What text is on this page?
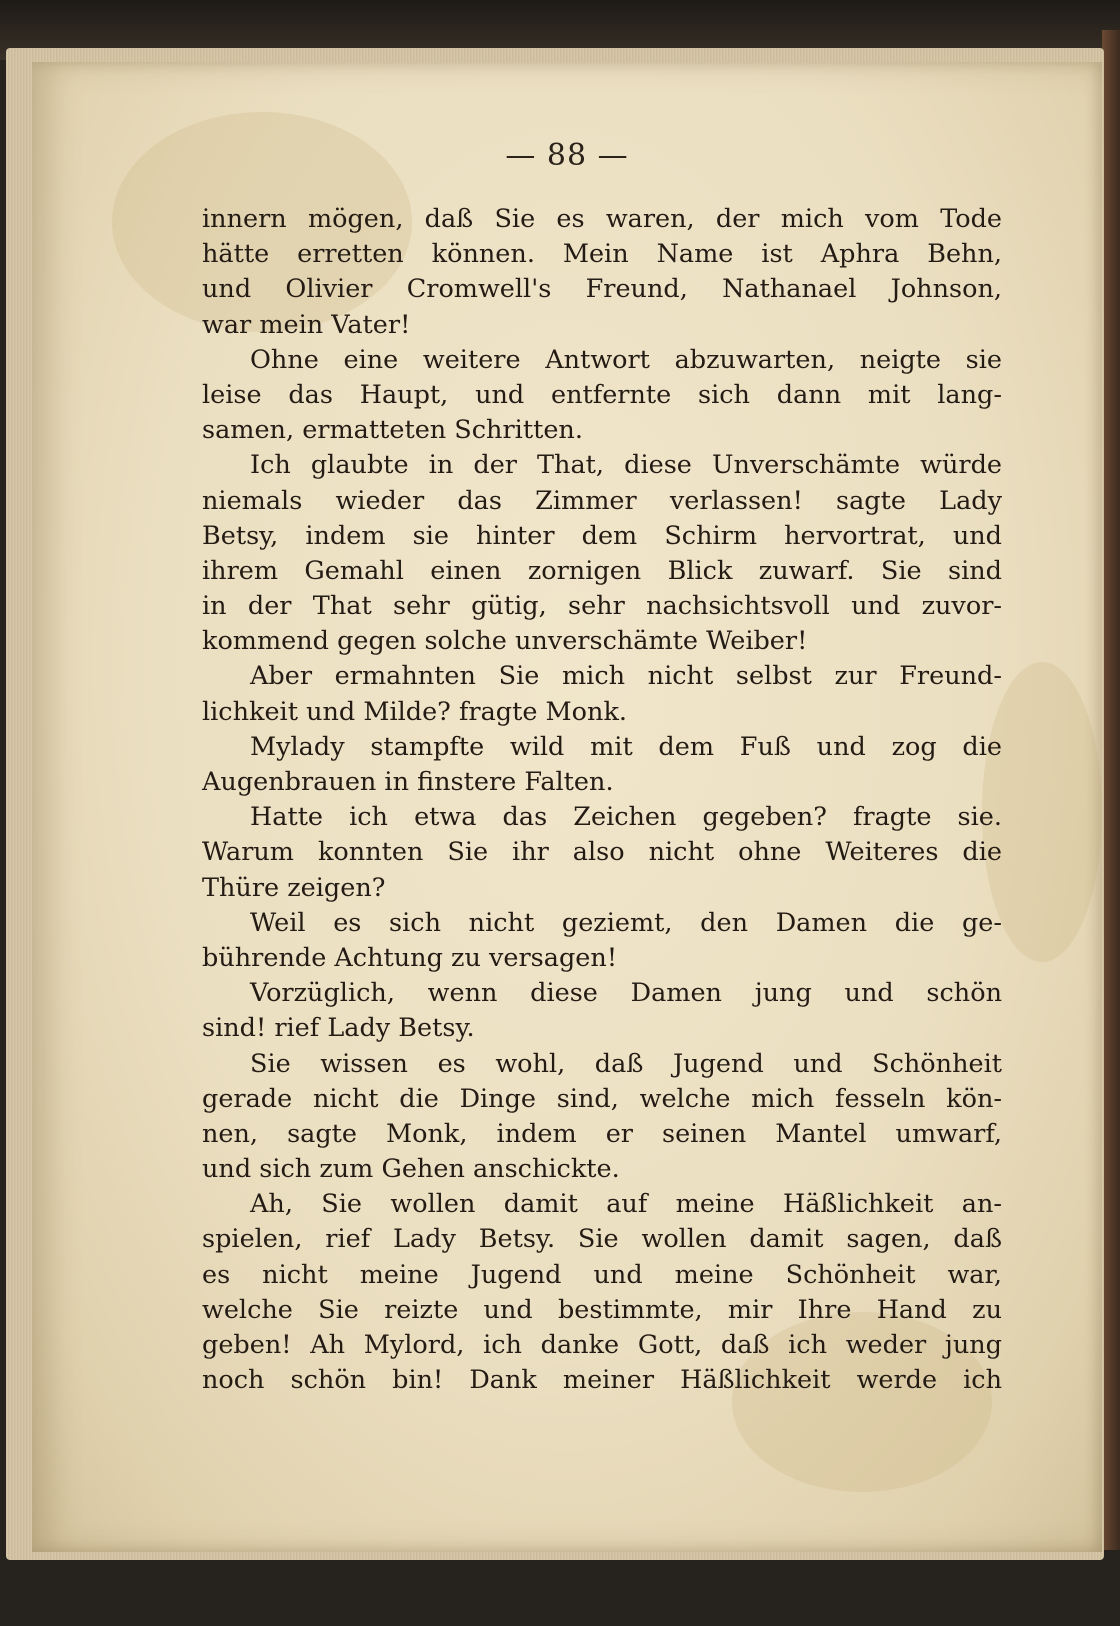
— 88 —
innern mögen, daß Sie es waren, der mich vom Tode
hätte erretten können. Mein Name ist Aphra Behn,
und Olivier Cromwell's Freund, Nathanael Johnson,
war mein Vater!
Ohne eine weitere Antwort abzuwarten, neigte sie
leise das Haupt, und entfernte sich dann mit lang-
samen, ermatteten Schritten.
Ich glaubte in der That, diese Unverschämte würde
niemals wieder das Zimmer verlassen! sagte Lady
Betsy, indem sie hinter dem Schirm hervortrat, und
ihrem Gemahl einen zornigen Blick zuwarf. Sie sind
in der That sehr gütig, sehr nachsichtsvoll und zuvor-
kommend gegen solche unverschämte Weiber!
Aber ermahnten Sie mich nicht selbst zur Freund-
lichkeit und Milde? fragte Monk.
Mylady stampfte wild mit dem Fuß und zog die
Augenbrauen in finstere Falten.
Hatte ich etwa das Zeichen gegeben? fragte sie.
Warum konnten Sie ihr also nicht ohne Weiteres die
Thüre zeigen?
Weil es sich nicht geziemt, den Damen die ge-
bührende Achtung zu versagen!
Vorzüglich, wenn diese Damen jung und schön
sind! rief Lady Betsy.
Sie wissen es wohl, daß Jugend und Schönheit
gerade nicht die Dinge sind, welche mich fesseln kön-
nen, sagte Monk, indem er seinen Mantel umwarf,
und sich zum Gehen anschickte.
Ah, Sie wollen damit auf meine Häßlichkeit an-
spielen, rief Lady Betsy. Sie wollen damit sagen, daß
es nicht meine Jugend und meine Schönheit war,
welche Sie reizte und bestimmte, mir Ihre Hand zu
geben! Ah Mylord, ich danke Gott, daß ich weder jung
noch schön bin! Dank meiner Häßlichkeit werde ich
